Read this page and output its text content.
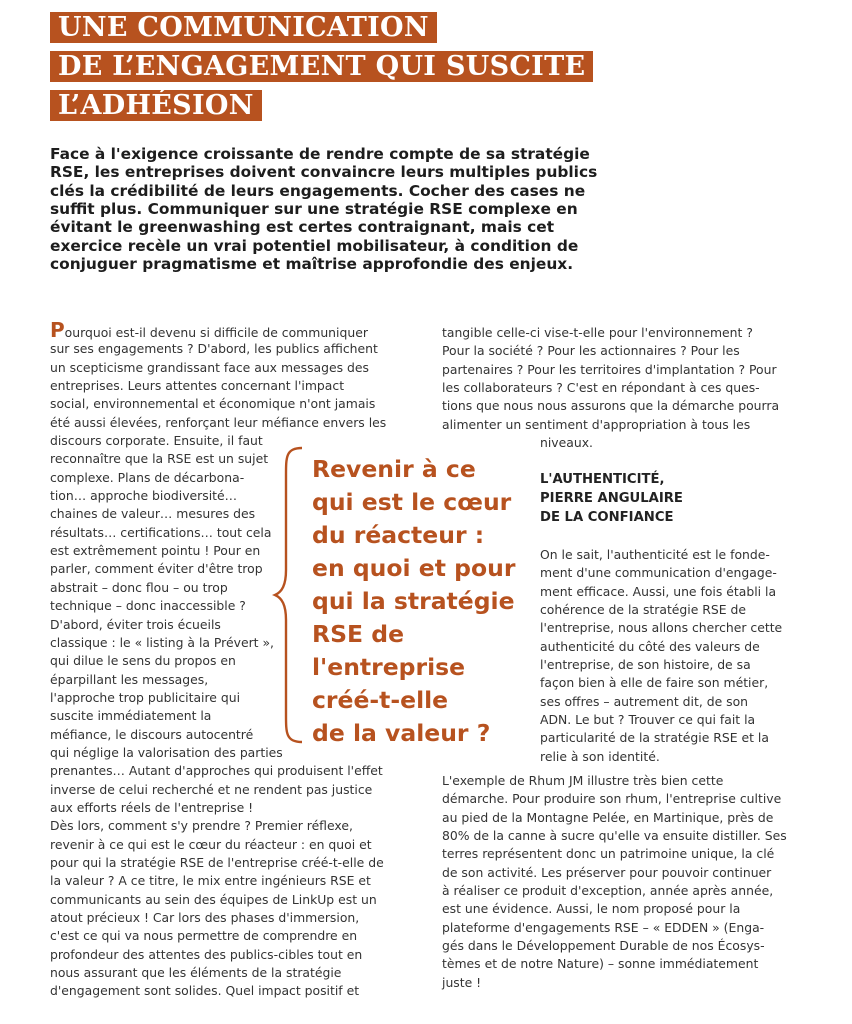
UNE COMMUNICATION
DE L’ENGAGEMENT QUI SUSCITE
L’ADHÉSION
Face à l'exigence croissante de rendre compte de sa stratégie
RSE, les entreprises doivent convaincre leurs multiples publics
clés la crédibilité de leurs engagements. Cocher des cases ne
suffit plus. Communiquer sur une stratégie RSE complexe en
évitant le greenwashing est certes contraignant, mais cet
exercice recèle un vrai potentiel mobilisateur, à condition de
conjuguer pragmatisme et maîtrise approfondie des enjeux.
Pourquoi est-il devenu si difficile de communiquer
sur ses engagements ? D'abord, les publics affichent
un scepticisme grandissant face aux messages des
entreprises. Leurs attentes concernant l'impact
social, environnemental et économique n'ont jamais
été aussi élevées, renforçant leur méfiance envers les
discours corporate. Ensuite, il faut
reconnaître que la RSE est un sujet
complexe. Plans de décarbona-
tion… approche biodiversité…
chaines de valeur… mesures des
résultats… certifications… tout cela
est extrêmement pointu ! Pour en
parler, comment éviter d'être trop
abstrait – donc flou – ou trop
technique – donc inaccessible ?
D'abord, éviter trois écueils
classique : le « listing à la Prévert »,
qui dilue le sens du propos en
éparpillant les messages,
l'approche trop publicitaire qui
suscite immédiatement la
méfiance, le discours autocentré
qui néglige la valorisation des parties
prenantes… Autant d'approches qui produisent l'effet
inverse de celui recherché et ne rendent pas justice
aux efforts réels de l'entreprise !
Dès lors, comment s'y prendre ? Premier réflexe,
revenir à ce qui est le cœur du réacteur : en quoi et
pour qui la stratégie RSE de l'entreprise créé-t-elle de
la valeur ? A ce titre, le mix entre ingénieurs RSE et
communicants au sein des équipes de LinkUp est un
atout précieux ! Car lors des phases d'immersion,
c'est ce qui va nous permettre de comprendre en
profondeur des attentes des publics-cibles tout en
nous assurant que les éléments de la stratégie
d'engagement sont solides. Quel impact positif et
tangible celle-ci vise-t-elle pour l'environnement ?
Pour la société ? Pour les actionnaires ? Pour les
partenaires ? Pour les territoires d'implantation ? Pour
les collaborateurs ? C'est en répondant à ces ques-
tions que nous nous assurons que la démarche pourra
alimenter un sentiment d'appropriation à tous les
niveaux.
Revenir à ce
qui est le cœur
du réacteur :
en quoi et pour
qui la stratégie
RSE de
l'entreprise
créé-t-elle
de la valeur ?
L'AUTHENTICITÉ,
PIERRE ANGULAIRE
DE LA CONFIANCE
On le sait, l'authenticité est le fonde-
ment d'une communication d'engage-
ment efficace. Aussi, une fois établi la
cohérence de la stratégie RSE de
l'entreprise, nous allons chercher cette
authenticité du côté des valeurs de
l'entreprise, de son histoire, de sa
façon bien à elle de faire son métier,
ses offres – autrement dit, de son
ADN. Le but ? Trouver ce qui fait la
particularité de la stratégie RSE et la
relie à son identité.
L'exemple de Rhum JM illustre très bien cette
démarche. Pour produire son rhum, l'entreprise cultive
au pied de la Montagne Pelée, en Martinique, près de
80% de la canne à sucre qu'elle va ensuite distiller. Ses
terres représentent donc un patrimoine unique, la clé
de son activité. Les préserver pour pouvoir continuer
à réaliser ce produit d'exception, année après année,
est une évidence. Aussi, le nom proposé pour la
plateforme d'engagements RSE – « EDDEN » (Enga-
gés dans le Développement Durable de nos Écosys-
tèmes et de notre Nature) – sonne immédiatement
juste !
